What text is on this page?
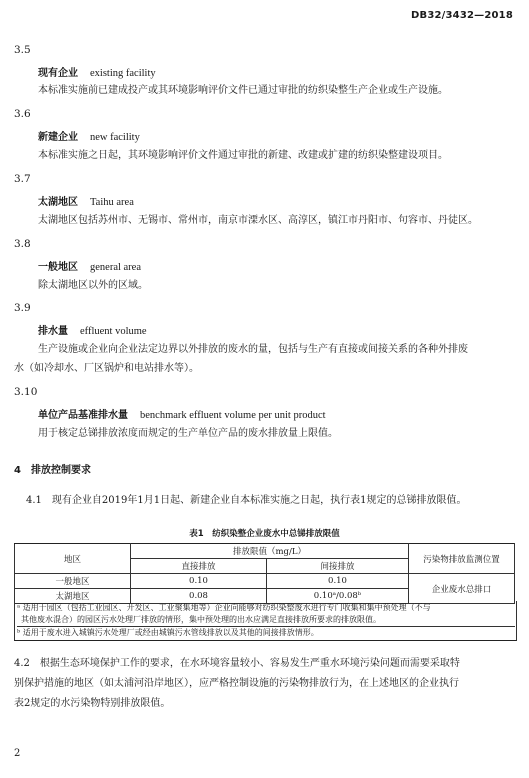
DB32/3432—2018
3.5
现有企业 existing facility
本标准实施前已建成投产或其环境影响评价文件已通过审批的纺织染整生产企业或生产设施。
3.6
新建企业 new facility
本标准实施之日起，其环境影响评价文件通过审批的新建、改建或扩建的纺织染整建设项目。
3.7
太湖地区 Taihu area
太湖地区包括苏州市、无锡市、常州市，南京市溧水区、高淳区，镇江市丹阳市、句容市、丹徒区。
3.8
一般地区 general area
除太湖地区以外的区域。
3.9
排水量 effluent volume
生产设施或企业向企业法定边界以外排放的废水的量，包括与生产有直接或间接关系的各种外排废
水（如冷却水、厂区锅炉和电站排水等）。
3.10
单位产品基准排水量 benchmark effluent volume per unit product
用于核定总锑排放浓度而规定的生产单位产品的废水排放量上限值。
4　排放控制要求
4.1　现有企业自2019年1月1日起、新建企业自本标准实施之日起，执行表1规定的总锑排放限值。
表1　纺织染整企业废水中总锑排放限值
地区	排放限值（mg/L）		污染物排放监测位置
	直接排放	间接排放	
一般地区	0.10	0.10	企业废水总排口
太湖地区	0.08	0.10ᵃ/0.08ᵇ	
ᵃ 适用于园区（包括工业园区、开发区、工业聚集地等）企业向能够对纺织染整废水进行专门收集和集中预处理（不与
其他废水混合）的园区污水处理厂排放的情形，集中预处理的出水应满足直接排放所要求的排放限值。
ᵇ 适用于废水进入城镇污水处理厂或经由城镇污水管线排放以及其他的间接排放情形。
4.2　根据生态环境保护工作的要求，在水环境容量较小、容易发生严重水环境污染问题而需要采取特
别保护措施的地区（如太浦河沿岸地区），应严格控制设施的污染物排放行为，在上述地区的企业执行
表2规定的水污染物特别排放限值。
2
